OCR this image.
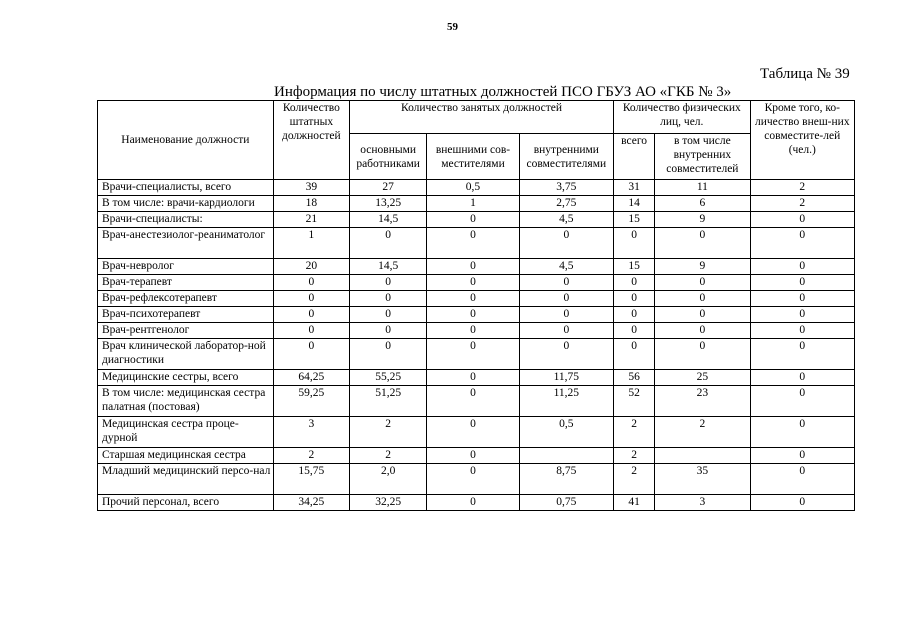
59
Таблица № 39
Информация по числу штатных должностей ПСО ГБУЗ АО «ГКБ № 3»
Наименование должности	Количество штатных должностей	Количество занятых должностей			Количество физических лиц, чел.		Кроме того, ко-личество внеш-них совместите-лей (чел.)
		основными работниками	внешними сов-местителями	внутренними совместителями	всего	в том числе внутренних совместителей	
Врачи-специалисты, всего	39	27	0,5	3,75	31	11	2
В том числе: врачи-кардиологи	18	13,25	1	2,75	14	6	2
Врачи-специалисты:	21	14,5	0	4,5	15	9	0
Врач-анестезиолог-реаниматолог	1	0	0	0	0	0	0
Врач-невролог	20	14,5	0	4,5	15	9	0
Врач-терапевт	0	0	0	0	0	0	0
Врач-рефлексотерапевт	0	0	0	0	0	0	0
Врач-психотерапевт	0	0	0	0	0	0	0
Врач-рентгенолог	0	0	0	0	0	0	0
Врач клинической лаборатор-ной диагностики	0	0	0	0	0	0	0
Медицинские сестры, всего	64,25	55,25	0	11,75	56	25	0
В том числе: медицинская сестра палатная (постовая)	59,25	51,25	0	11,25	52	23	0
Медицинская сестра проце-дурной	3	2	0	0,5	2	2	0
Старшая медицинская сестра	2	2	0		2		0
Младший медицинский персо-нал	15,75	2,0	0	8,75	2	35	0
Прочий персонал, всего	34,25	32,25	0	0,75	41	3	0
